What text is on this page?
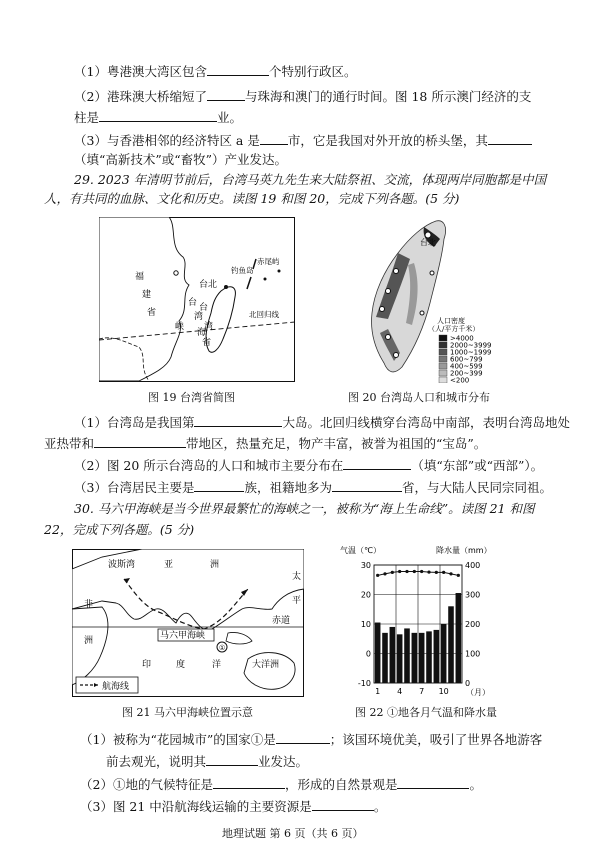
（1）粤港澳大湾区包含	个特别行政区。
（2）港珠澳大桥缩短了	与珠海和澳门的通行时间。图 18 所示澳门经济的支
柱是	业。
（3）与香港相邻的经济特区 a 是 市，它是我国对外开放的桥头堡，其
（填“高新技术”或“畜牧”）产业发达。
29. 2023 年清明节前后，台湾马英九先生来大陆祭祖、交流，体现两岸同胞都是中国
人，有共同的血脉、文化和历史。读图 19 和图 20，完成下列各题。(5 分)
福
建
省
台北
台
湾
海
峡
台
湾
省
钓鱼岛
赤尾屿
北回归线
图 19 台湾省简图
台北
人口密度
（人/平方千米）
>4000
2000~3999
1000~1999
600~799
400~599
200~399
<200
图 20 台湾岛人口和城市分布
（1）台湾岛是我国第	大岛。北回归线横穿台湾岛中南部，表明台湾岛地处
亚热带和	带地区，热量充足，物产丰富，被誉为祖国的“宝岛”。
（2）图 20 所示台湾岛的人口和城市主要分布在	（填“东部”或“西部”）。
（3）台湾居民主要是	族，祖籍地多为	省，与大陆人民同宗同祖。
30. 马六甲海峡是当今世界最繁忙的海峡之一，被称为“海上生命线”。读图 21 和图
22，完成下列各题。(5 分)
马六甲海峡
①
波斯湾	亚	洲
太
平
非
洲
赤道
印	度	洋	大洋洲
航海线
图 21 马六甲海峡位置示意
气温（℃）	降水量（mm）
-10
0
10
20
30
0
100
200
300
400
1 4 7 10 （月）
图 22 ①地各月气温和降水量
（1）被称为“花园城市”的国家①是	；该国环境优美，吸引了世界各地游客
前去观光，说明其	业发达。
（2）①地的气候特征是	，形成的自然景观是	。
（3）图 21 中沿航海线运输的主要资源是	。
地理试题 第 6 页（共 6 页）
